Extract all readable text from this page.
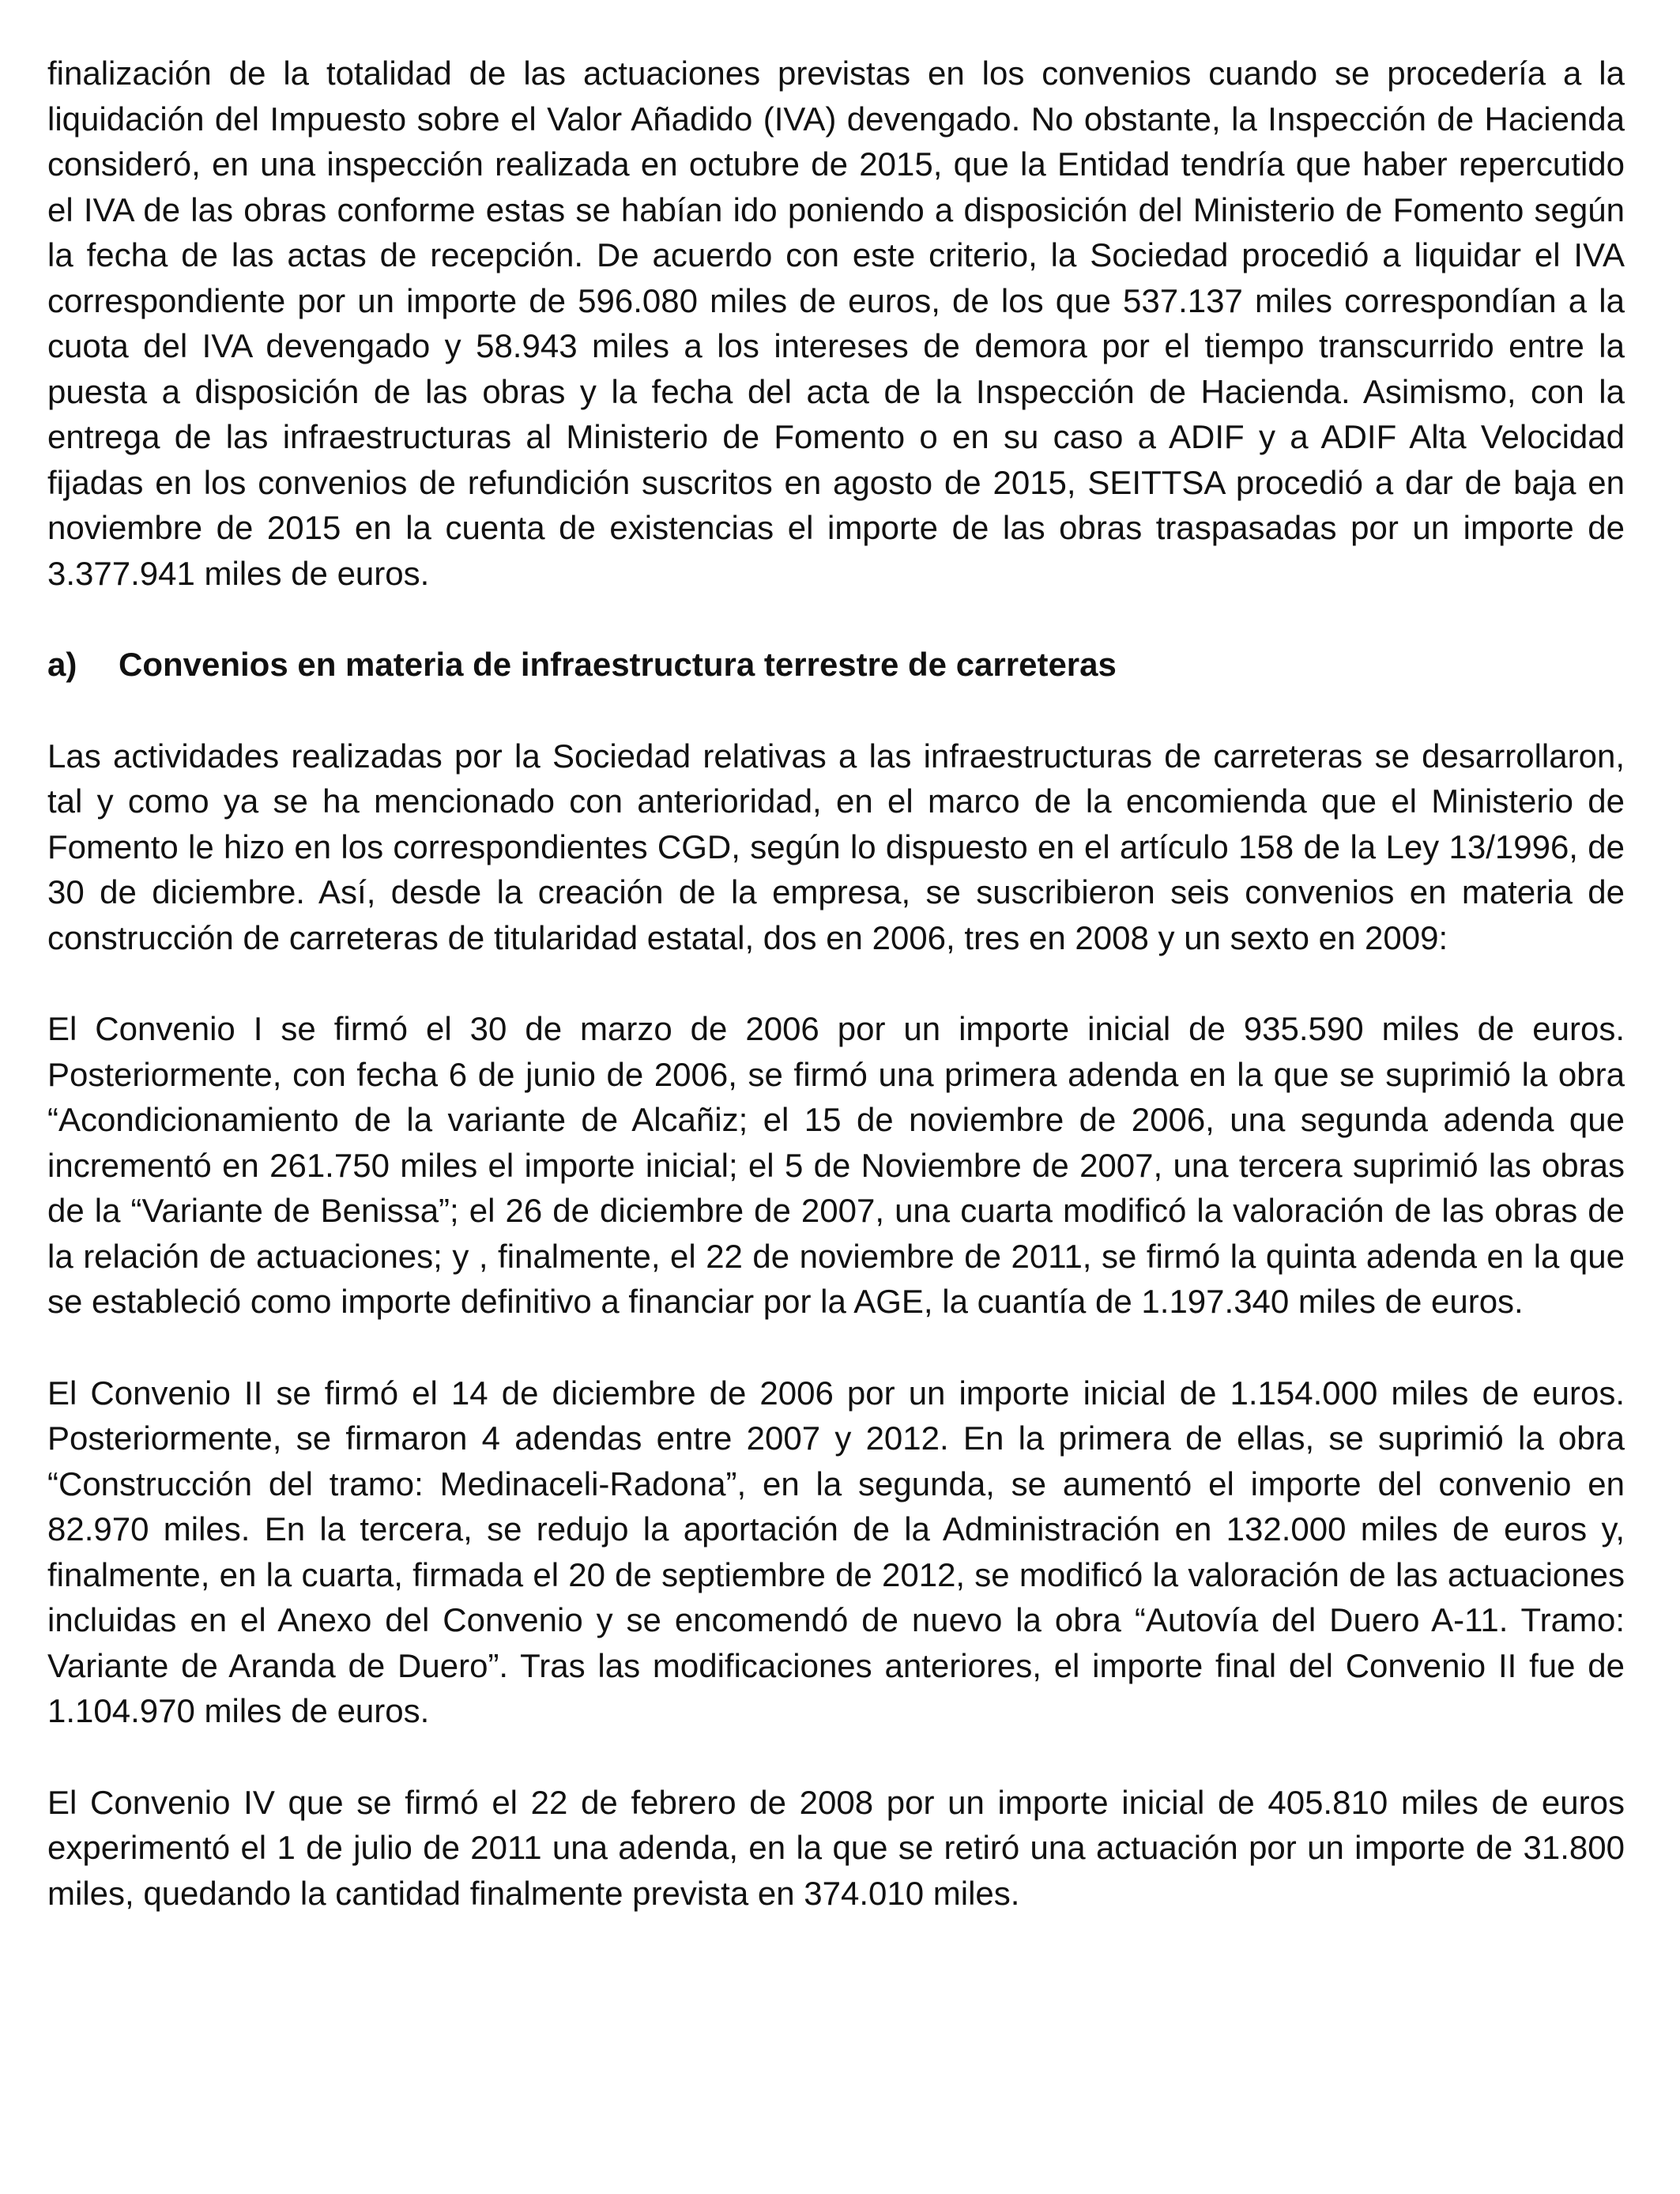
finalización de la totalidad de las actuaciones previstas en los convenios cuando se procedería a la liquidación del Impuesto sobre el Valor Añadido (IVA) devengado. No obstante, la Inspección de Hacienda consideró, en una inspección realizada en octubre de 2015, que la Entidad tendría que haber repercutido el IVA de las obras conforme estas se habían ido poniendo a disposición del Ministerio de Fomento según la fecha de las actas de recepción. De acuerdo con este criterio, la Sociedad procedió a liquidar el IVA correspondiente por un importe de 596.080 miles de euros, de los que 537.137 miles correspondían a la cuota del IVA devengado y 58.943 miles a los intereses de demora por el tiempo transcurrido entre la puesta a disposición de las obras y la fecha del acta de la Inspección de Hacienda. Asimismo, con la entrega de las infraestructuras al Ministerio de Fomento o en su caso a ADIF y a ADIF Alta Velocidad fijadas en los convenios de refundición suscritos en agosto de 2015, SEITTSA procedió a dar de baja en noviembre de 2015 en la cuenta de existencias el importe de las obras traspasadas por un importe de 3.377.941 miles de euros.

a)	Convenios en materia de infraestructura terrestre de carreteras

Las actividades realizadas por la Sociedad relativas a las infraestructuras de carreteras se desarrollaron, tal y como ya se ha mencionado con anterioridad, en el marco de la encomienda que el Ministerio de Fomento le hizo en los correspondientes CGD, según lo dispuesto en el artículo 158 de la Ley 13/1996, de 30 de diciembre. Así, desde la creación de la empresa, se suscribieron seis convenios en materia de construcción de carreteras de titularidad estatal, dos en 2006, tres en 2008 y un sexto en 2009:

El Convenio I se firmó el 30 de marzo de 2006 por un importe inicial de 935.590 miles de euros. Posteriormente, con fecha 6 de junio de 2006, se firmó una primera adenda en la que se suprimió la obra “Acondicionamiento de la variante de Alcañiz; el 15 de noviembre de 2006, una segunda adenda que incrementó en 261.750 miles el importe inicial; el 5 de Noviembre de 2007, una tercera suprimió las obras de la “Variante de Benissa”; el 26 de diciembre de 2007, una cuarta modificó la valoración de las obras de la relación de actuaciones; y , finalmente, el 22 de noviembre de 2011, se firmó la quinta adenda en la que se estableció como importe definitivo a financiar por la AGE, la cuantía de 1.197.340 miles de euros.

El Convenio II se firmó el 14 de diciembre de 2006 por un importe inicial de 1.154.000 miles de euros. Posteriormente, se firmaron 4 adendas entre 2007 y 2012. En la primera de ellas, se suprimió la obra “Construcción del tramo: Medinaceli-Radona”, en la segunda, se aumentó el importe del convenio en 82.970 miles. En la tercera, se redujo la aportación de la Administración en 132.000 miles de euros y, finalmente, en la cuarta, firmada el 20 de septiembre de 2012, se modificó la valoración de las actuaciones incluidas en el Anexo del Convenio y se encomendó de nuevo la obra “Autovía del Duero A-11. Tramo: Variante de Aranda de Duero”. Tras las modificaciones anteriores, el importe final del Convenio II fue de 1.104.970 miles de euros.

El Convenio IV que se firmó el 22 de febrero de 2008 por un importe inicial de 405.810 miles de euros experimentó el 1 de julio de 2011 una adenda, en la que se retiró una actuación por un importe de 31.800 miles, quedando la cantidad finalmente prevista en 374.010 miles.
